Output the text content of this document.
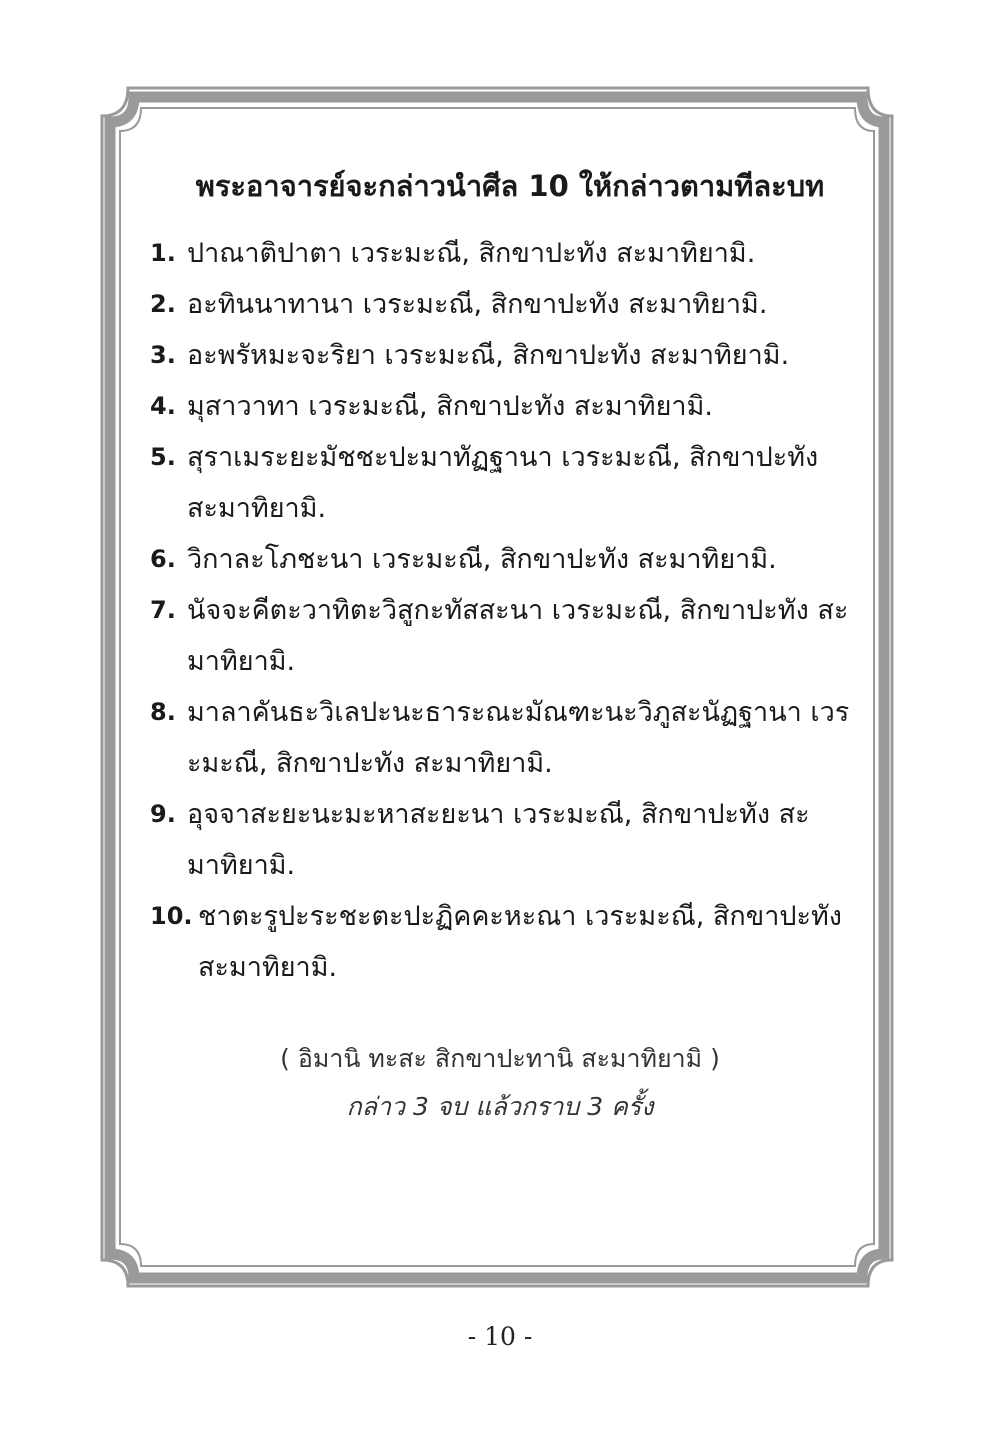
พระอาจารย์จะกล่าวนำศีล 10 ให้กล่าวตามทีละบท
1. ปาณาติปาตา เวระมะณี, สิกขาปะทัง สะมาทิยามิ.
2. อะทินนาทานา เวระมะณี, สิกขาปะทัง สะมาทิยามิ.
3. อะพรัหมะจะริยา เวระมะณี, สิกขาปะทัง สะมาทิยามิ.
4. มุสาวาทา เวระมะณี, สิกขาปะทัง สะมาทิยามิ.
5. สุราเมระยะมัชชะปะมาทัฏฐานา เวระมะณี, สิกขาปะทัง สะมาทิยามิ.
6. วิกาละโภชะนา เวระมะณี, สิกขาปะทัง สะมาทิยามิ.
7. นัจจะคีตะวาทิตะวิสูกะทัสสะนา เวระมะณี, สิกขาปะทัง สะมาทิยามิ.
8. มาลาคันธะวิเลปะนะธาระณะมัณฑะนะวิภูสะนัฏฐานา เวระมะณี, สิกขาปะทัง สะมาทิยามิ.
9. อุจจาสะยะนะมะหาสะยะนา เวระมะณี, สิกขาปะทัง สะมาทิยามิ.
10. ชาตะรูปะระชะตะปะฏิคคะหะณา เวระมะณี, สิกขาปะทัง สะมาทิยามิ.
( อิมานิ ทะสะ สิกขาปะทานิ สะมาทิยามิ )
กล่าว 3 จบ แล้วกราบ 3 ครั้ง
- 10 -
